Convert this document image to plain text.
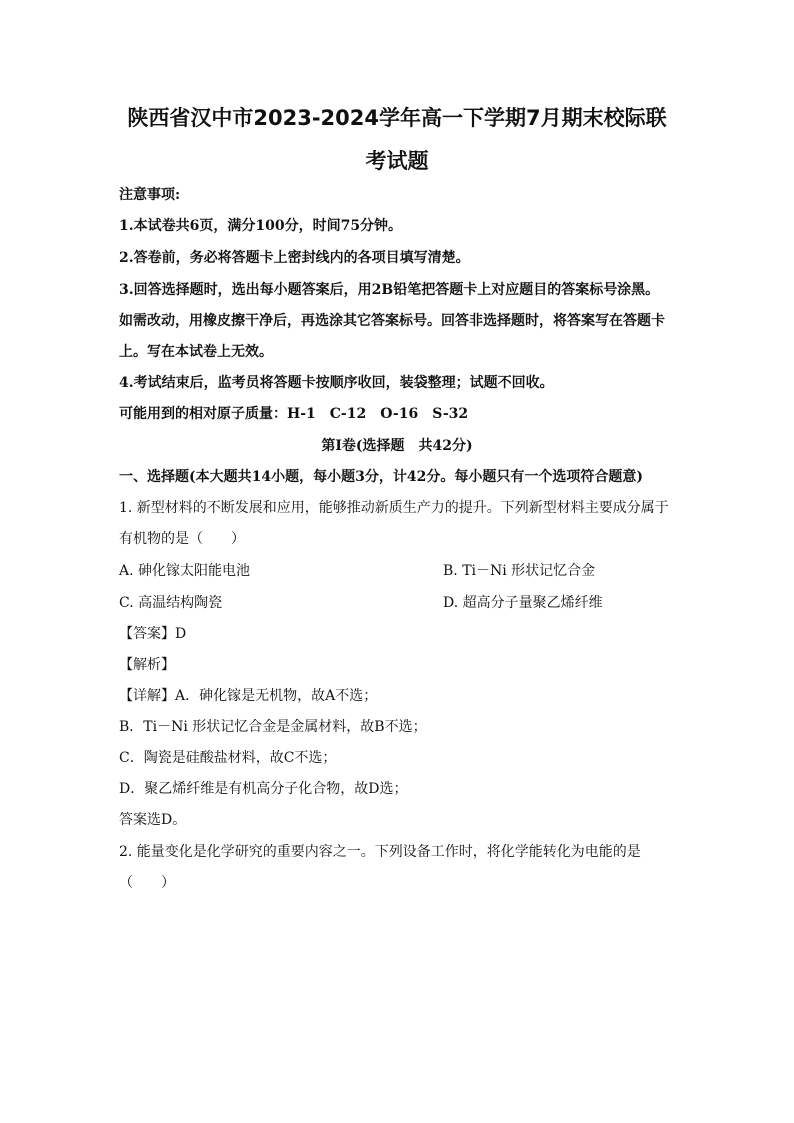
陕西省汉中市2023-2024学年高一下学期7月期末校际联
考试题
注意事项:
1.本试卷共6页，满分100分，时间75分钟。
2.答卷前，务必将答题卡上密封线内的各项目填写清楚。
3.回答选择题时，选出每小题答案后，用2B铅笔把答题卡上对应题目的答案标号涂黑。
如需改动，用橡皮擦干净后，再选涂其它答案标号。回答非选择题时，将答案写在答题卡
上。写在本试卷上无效。
4.考试结束后，监考员将答题卡按顺序收回，装袋整理；试题不回收。
可能用到的相对原子质量：H-1　C-12　O-16　S-32
第Ⅰ卷(选择题　共42分)
一、选择题(本大题共14小题，每小题3分，计42分。每小题只有一个选项符合题意)
1. 新型材料的不断发展和应用，能够推动新质生产力的提升。下列新型材料主要成分属于
有机物的是（　　）
A. 砷化镓太阳能电池	B. Ti－Ni 形状记忆合金
C. 高温结构陶瓷	D. 超高分子量聚乙烯纤维
【答案】D
【解析】
【详解】A．砷化镓是无机物，故A不选；
B．Ti－Ni 形状记忆合金是金属材料，故B不选；
C．陶瓷是硅酸盐材料，故C不选；
D．聚乙烯纤维是有机高分子化合物，故D选；
答案选D。
2. 能量变化是化学研究的重要内容之一。下列设备工作时，将化学能转化为电能的是
（　　）
